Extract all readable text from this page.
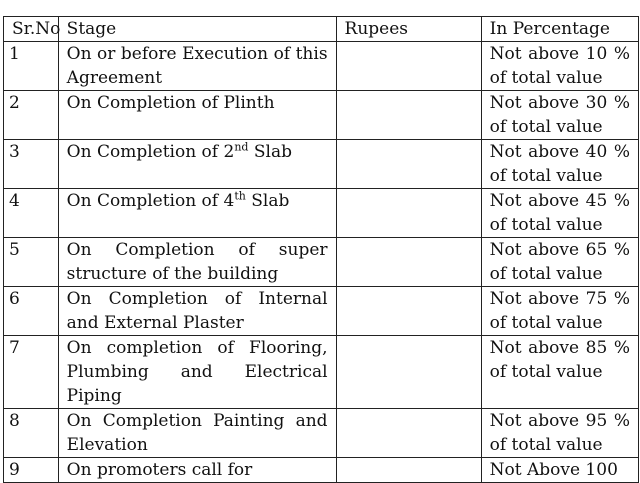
Sr.No	Stage	Rupees	In Percentage
1	On or before Execution of this Agreement		Not above 10 % of total value
2	On Completion of Plinth		Not above 30 % of total value
3	On Completion of 2nd Slab		Not above 40 % of total value
4	On Completion of 4th Slab		Not above 45 % of total value
5	On Completion of super structure of the building		Not above 65 % of total value
6	On Completion of Internal and External Plaster		Not above 75 % of total value
7	On completion of Flooring, Plumbing and Electrical Piping		Not above 85 % of total value
8	On Completion Painting and Elevation		Not above 95 % of total value
9	On promoters call for		Not Above 100
